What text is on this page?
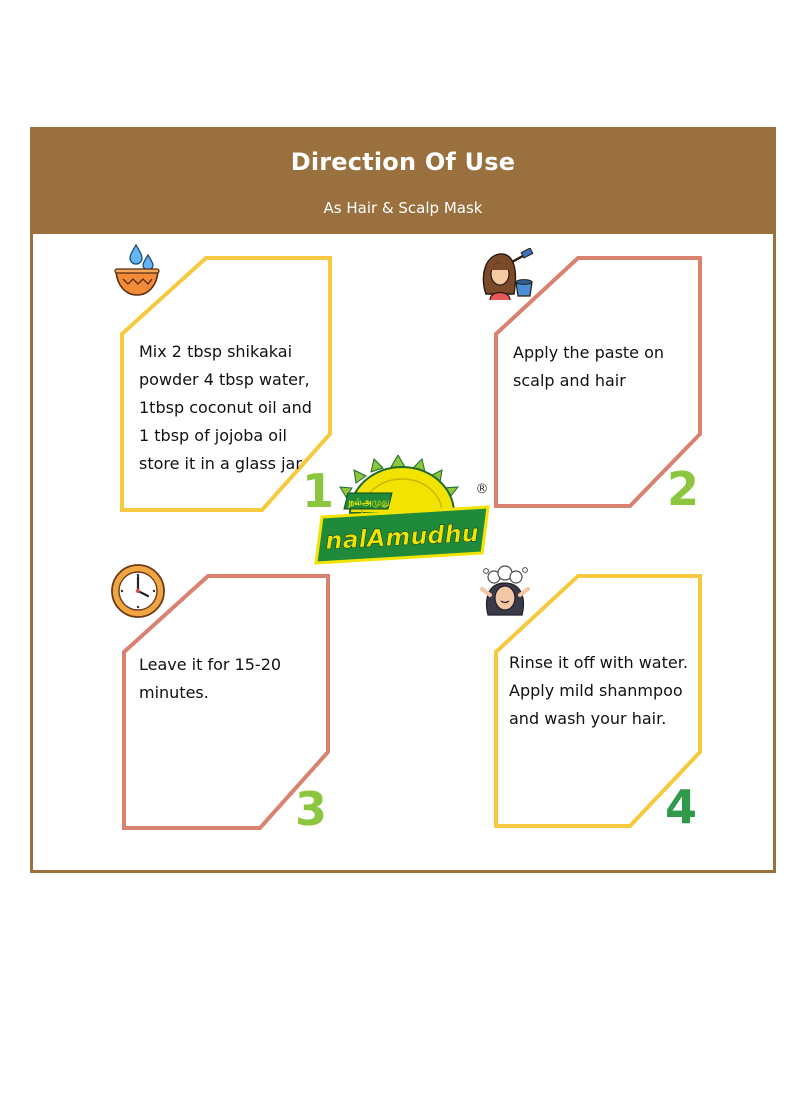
Direction Of Use
As Hair & Scalp Mask
Mix 2 tbsp shikakai powder 4 tbsp water, 1tbsp coconut oil and 1 tbsp of jojoba oil store it in a glass jar
1
Apply the paste on scalp and hair
2
Leave it for 15-20 minutes.
3
Rinse it off with water. Apply mild shanmpoo and wash your hair.
4
நல்அமுது
nalAmudhu
®
